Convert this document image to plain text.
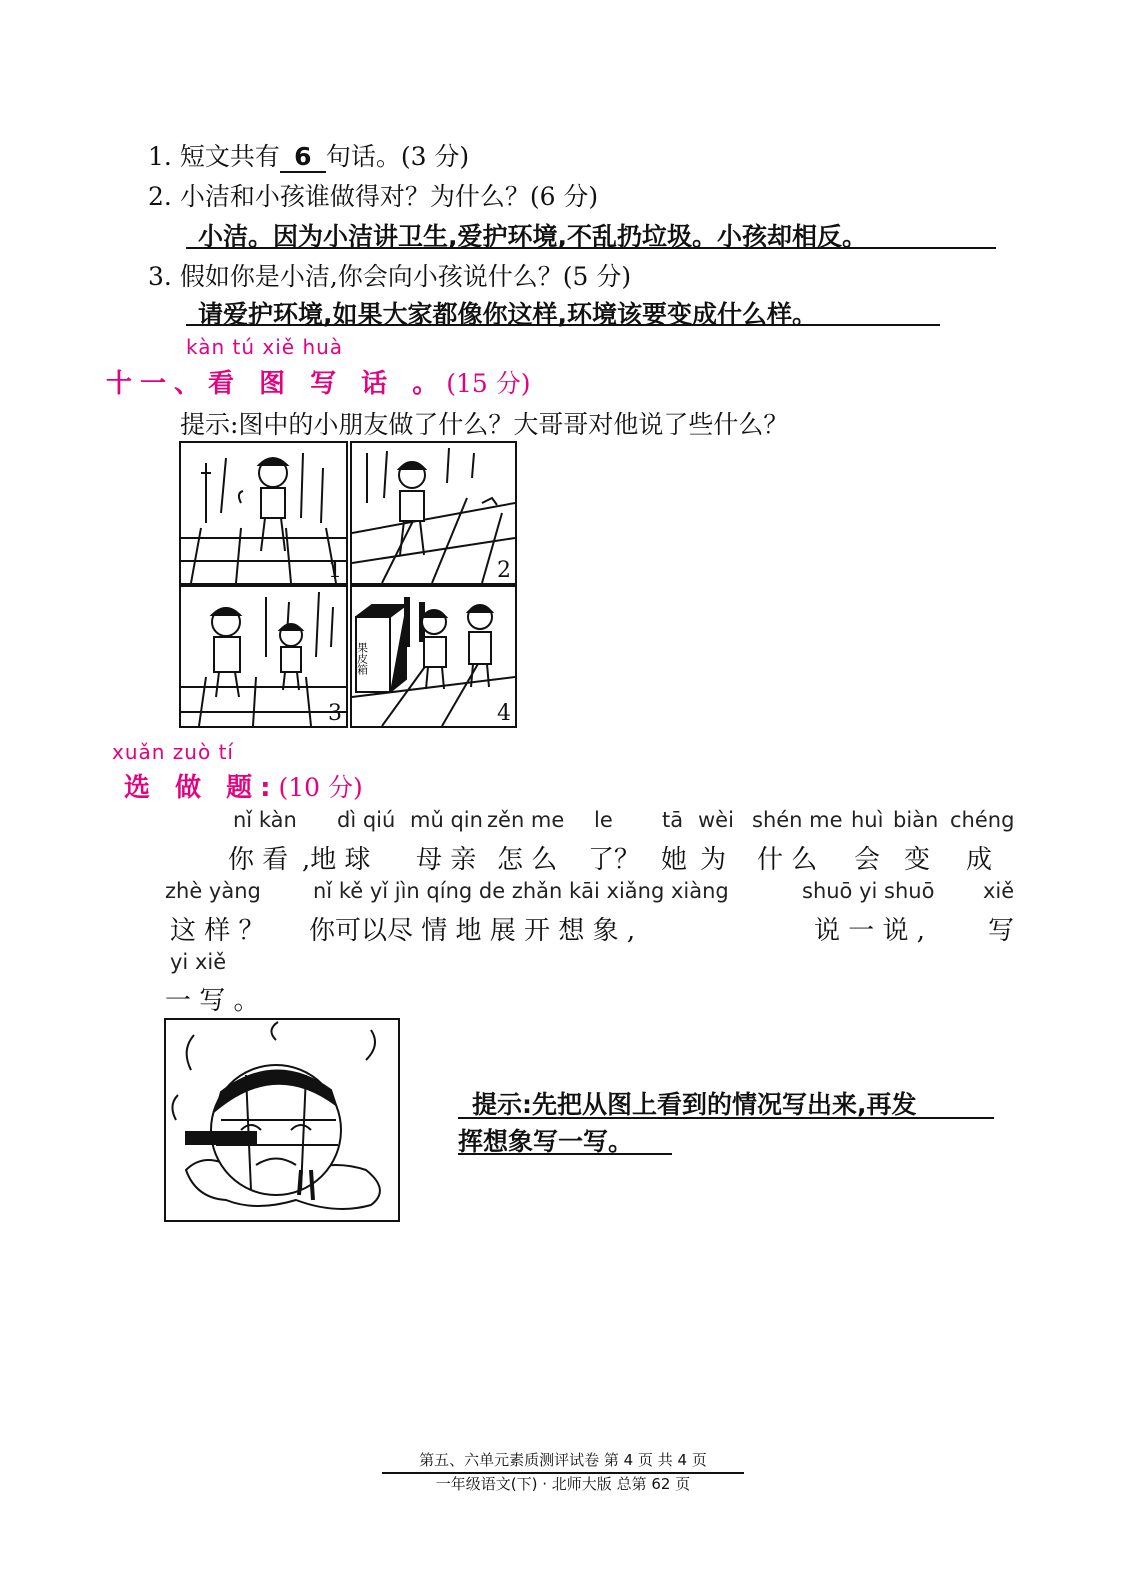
1. 短文共有 6 句话。(3 分)
2. 小洁和小孩谁做得对？为什么？(6 分)
小洁。因为小洁讲卫生,爱护环境,不乱扔垃圾。小孩却相反。
3. 假如你是小洁,你会向小孩说什么？(5 分)
请爱护环境,如果大家都像你这样,环境该要变成什么样。
kàn tú xiě huà
十一、看 图 写 话 。(15 分)
提示:图中的小朋友做了什么？大哥哥对他说了些什么？
1	2
3
果皮箱
4
xuǎn zuò tí
选 做 题:(10 分)
nǐ kàn dì qiú mǔ qin zěn me le tā wèi shén me huì biàn chéng
你 看 ,地 球 母 亲 怎 么 了？ 她 为 什 么 会 变 成
zhè yàng nǐ kě yǐ jìn qíng de zhǎn kāi xiǎng xiàng	shuō yi shuō xiě
这 样 ？ 你可以尽 情 地 展 开 想 象 ,	说 一 说 , 写
yi xiě
一 写 。
提示:先把从图上看到的情况写出来,再发
挥想象写一写。
第五、六单元素质测评试卷 第 4 页 共 4 页
一年级语文(下) · 北师大版 总第 62 页
